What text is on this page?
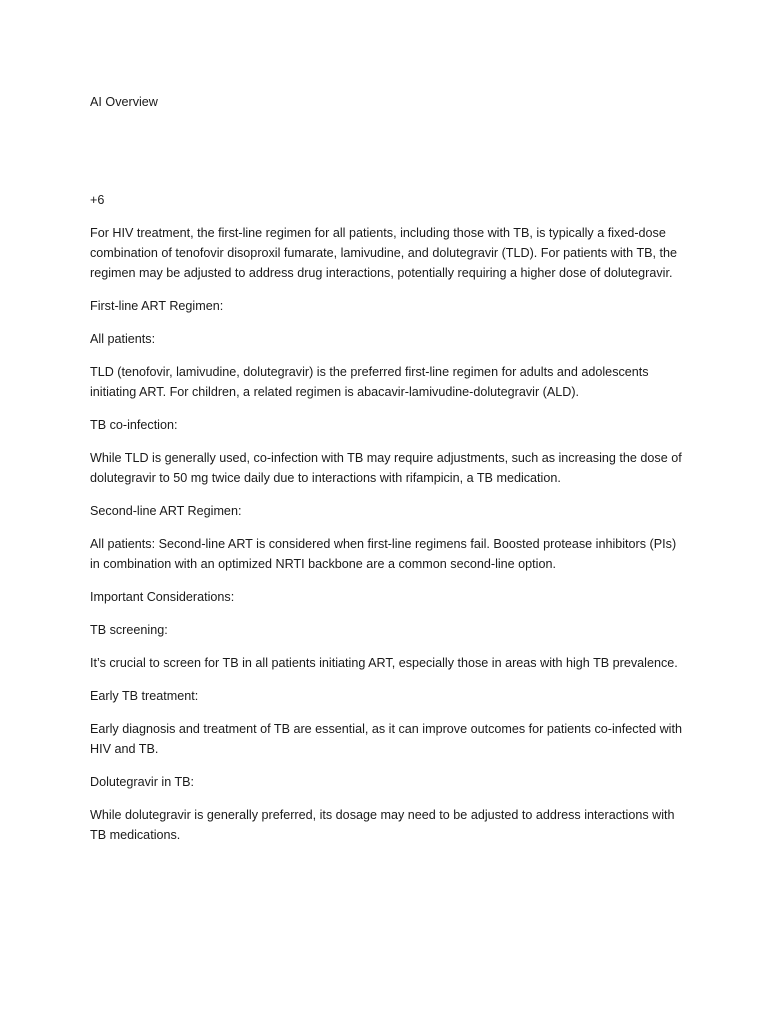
AI Overview

+6

For HIV treatment, the first-line regimen for all patients, including those with TB, is typically a fixed-dose combination of tenofovir disoproxil fumarate, lamivudine, and dolutegravir (TLD). For patients with TB, the regimen may be adjusted to address drug interactions, potentially requiring a higher dose of dolutegravir.

First-line ART Regimen:

All patients:

TLD (tenofovir, lamivudine, dolutegravir) is the preferred first-line regimen for adults and adolescents initiating ART. For children, a related regimen is abacavir-lamivudine-dolutegravir (ALD).

TB co-infection:

While TLD is generally used, co-infection with TB may require adjustments, such as increasing the dose of dolutegravir to 50 mg twice daily due to interactions with rifampicin, a TB medication.

Second-line ART Regimen:

All patients: Second-line ART is considered when first-line regimens fail. Boosted protease inhibitors (PIs) in combination with an optimized NRTI backbone are a common second-line option.

Important Considerations:

TB screening:

It’s crucial to screen for TB in all patients initiating ART, especially those in areas with high TB prevalence.

Early TB treatment:

Early diagnosis and treatment of TB are essential, as it can improve outcomes for patients co-infected with HIV and TB.

Dolutegravir in TB:

While dolutegravir is generally preferred, its dosage may need to be adjusted to address interactions with TB medications.
